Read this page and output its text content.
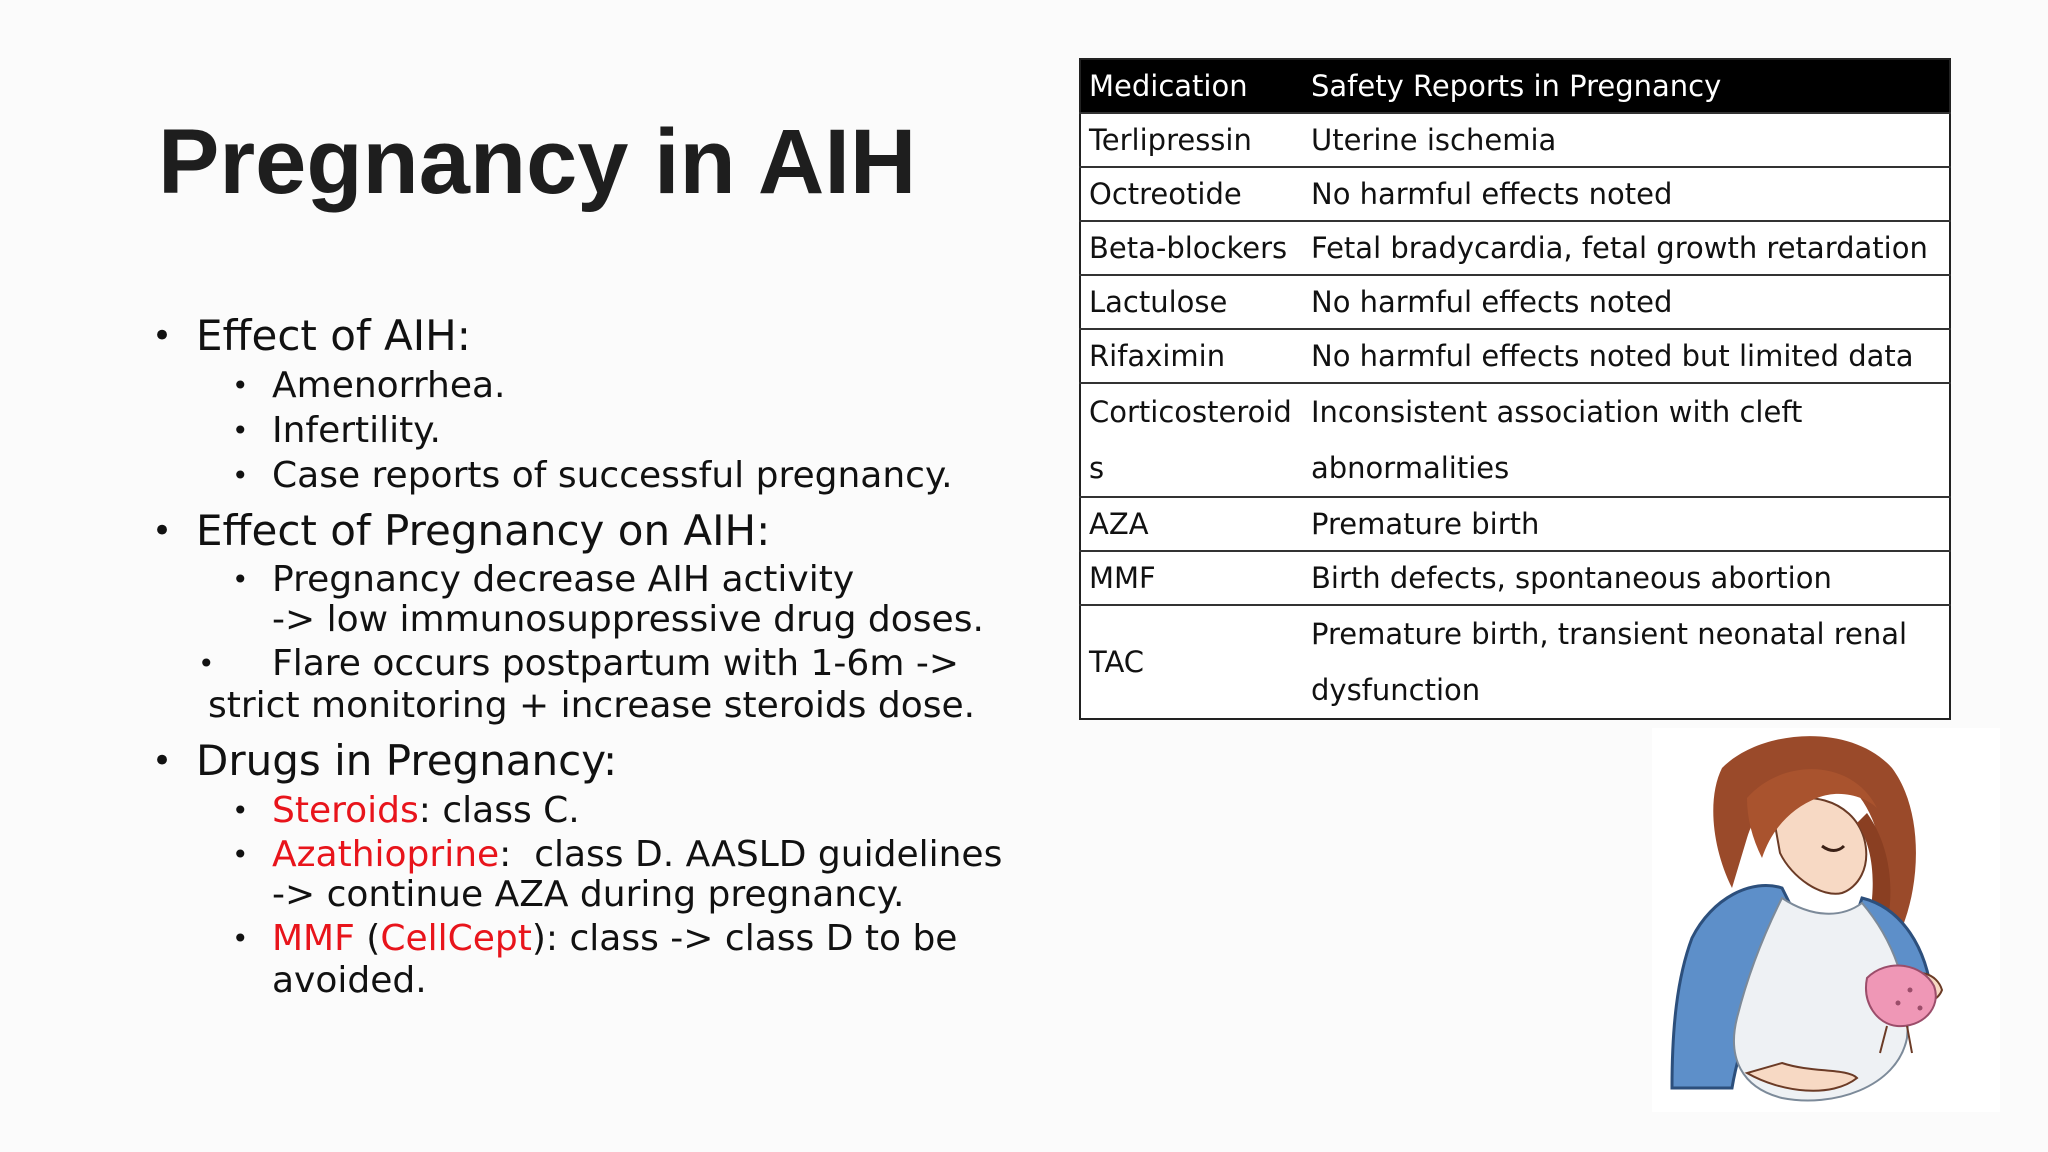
Pregnancy in AIH
• Effect of AIH:
• Amenorrhea.
• Infertility.
• Case reports of successful pregnancy.
• Effect of Pregnancy on AIH:
• Pregnancy decrease AIH activity
-> low immunosuppressive drug doses.
•	Flare occurs postpartum with 1-6m ->
strict monitoring + increase steroids dose.
• Drugs in Pregnancy:
• Steroids: class C.
• Azathioprine:  class D. AASLD guidelines
-> continue AZA during pregnancy.
• MMF (CellCept): class -> class D to be
avoided.
Medication	Safety Reports in Pregnancy
Terlipressin	Uterine ischemia
Octreotide	No harmful effects noted
Beta-blockers	Fetal bradycardia, fetal growth retardation
Lactulose	No harmful effects noted
Rifaximin	No harmful effects noted but limited data
Corticosteroid
s	Inconsistent association with cleft
abnormalities
AZA	Premature birth
MMF	Birth defects, spontaneous abortion
TAC	Premature birth, transient neonatal renal
dysfunction
